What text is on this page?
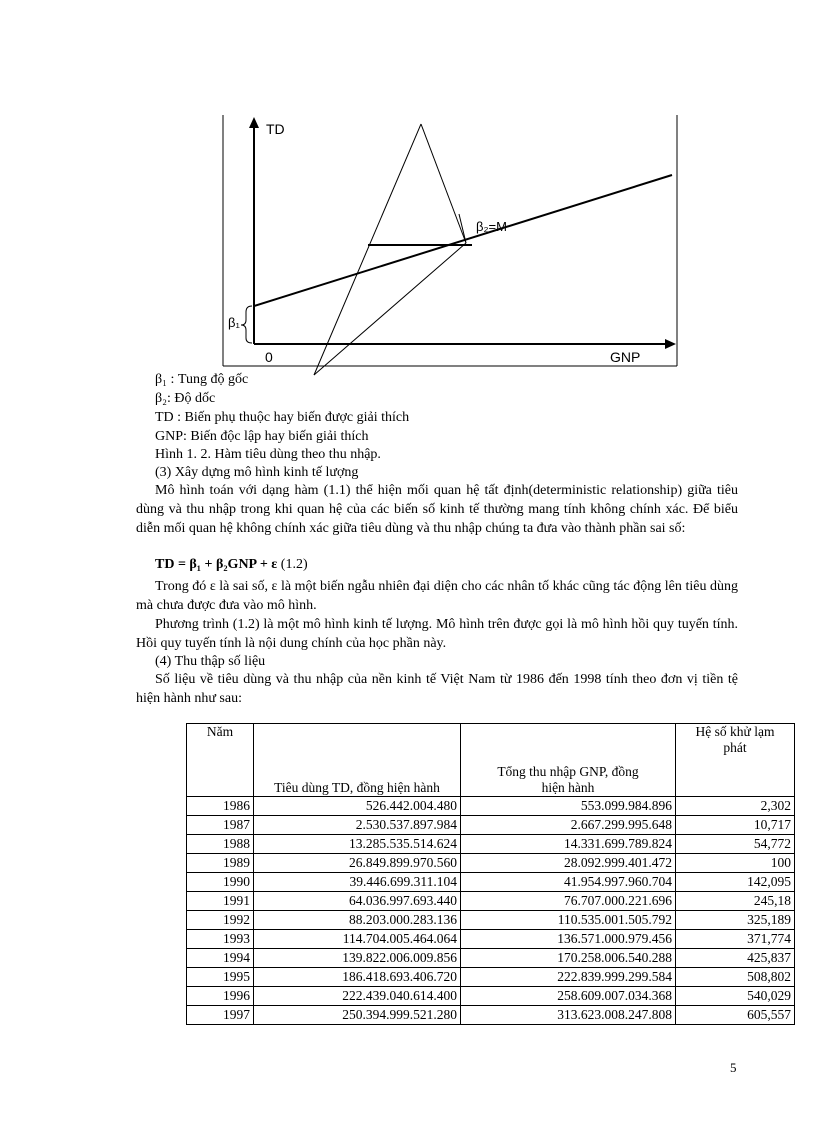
TD
GNP
0
β₁
β₂=M
β₁ : Tung độ gốc
β₂: Độ dốc
TD : Biến phụ thuộc hay biến được giải thích
GNP: Biến độc lập hay biến giải thích
Hình 1. 2. Hàm tiêu dùng theo thu nhập.
(3) Xây dựng mô hình kinh tế lượng
Mô hình toán với dạng hàm (1.1) thể hiện mối quan hệ tất định(deterministic relationship) giữa tiêu dùng và thu nhập trong khi quan hệ của các biến số kinh tế thường mang tính không chính xác. Để biểu diễn mối quan hệ không chính xác giữa tiêu dùng và thu nhập chúng ta đưa vào thành phần sai số:
TD = β₁ + β₂GNP + ε (1.2)
Trong đó ε là sai số, ε là một biến ngẫu nhiên đại diện cho các nhân tố khác cũng tác động lên tiêu dùng mà chưa được đưa vào mô hình.
Phương trình (1.2) là một mô hình kinh tế lượng. Mô hình trên được gọi là mô hình hồi quy tuyến tính. Hồi quy tuyến tính là nội dung chính của học phần này.
(4) Thu thập số liệu
Số liệu về tiêu dùng và thu nhập của nền kinh tế Việt Nam từ 1986 đến 1998 tính theo đơn vị tiền tệ hiện hành như sau:
Năm	Tiêu dùng TD, đồng hiện hành	Tổng thu nhập GNP, đồng hiện hành	Hệ số khử lạm phát
1986	526.442.004.480	553.099.984.896	2,302
1987	2.530.537.897.984	2.667.299.995.648	10,717
1988	13.285.535.514.624	14.331.699.789.824	54,772
1989	26.849.899.970.560	28.092.999.401.472	100
1990	39.446.699.311.104	41.954.997.960.704	142,095
1991	64.036.997.693.440	76.707.000.221.696	245,18
1992	88.203.000.283.136	110.535.001.505.792	325,189
1993	114.704.005.464.064	136.571.000.979.456	371,774
1994	139.822.006.009.856	170.258.006.540.288	425,837
1995	186.418.693.406.720	222.839.999.299.584	508,802
1996	222.439.040.614.400	258.609.007.034.368	540,029
1997	250.394.999.521.280	313.623.008.247.808	605,557
5
